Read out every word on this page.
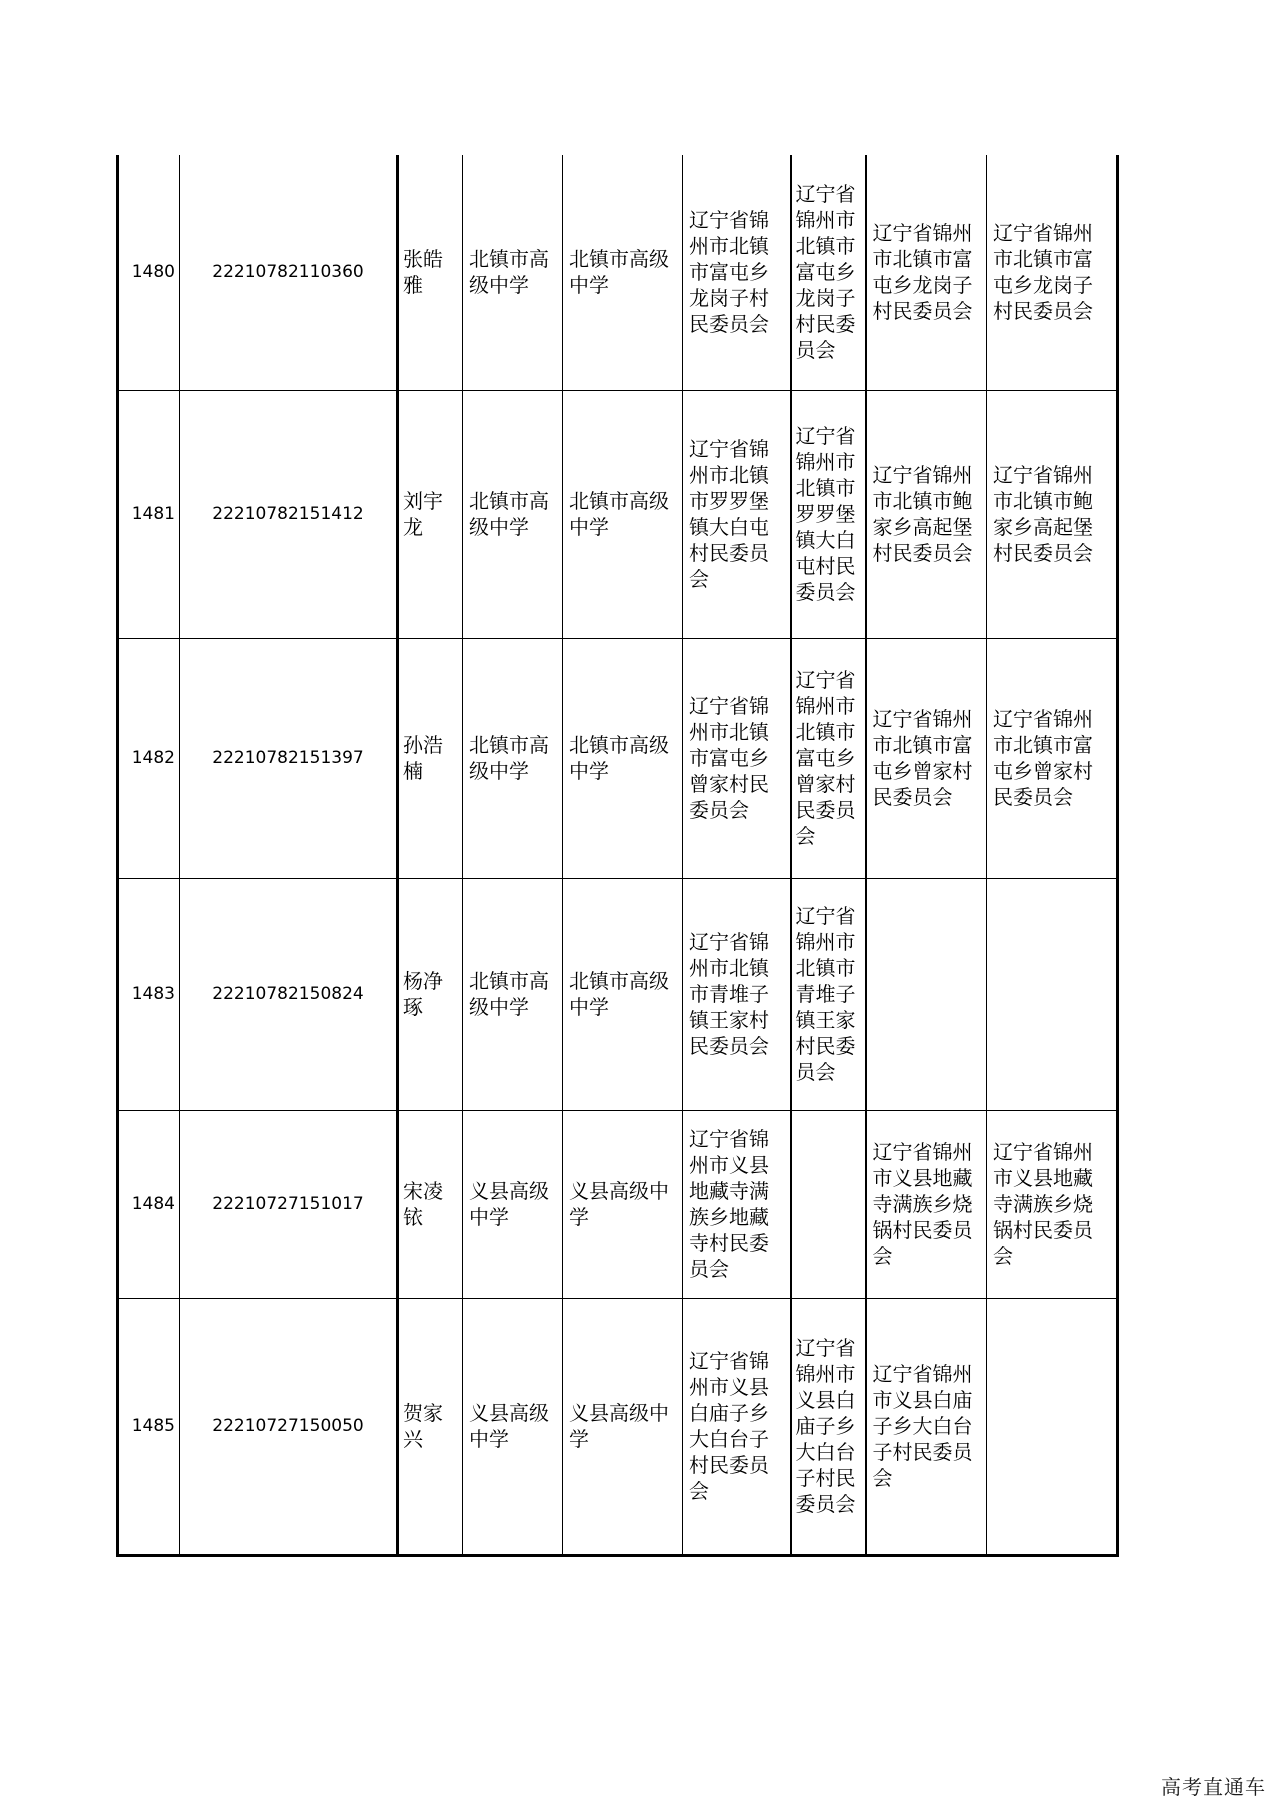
1480	22210782110360	张皓雅	北镇市高级中学	北镇市高级中学	辽宁省锦州市北镇市富屯乡龙岗子村民委员会	辽宁省锦州市北镇市富屯乡龙岗子村民委员会	辽宁省锦州市北镇市富屯乡龙岗子村民委员会	辽宁省锦州市北镇市富屯乡龙岗子村民委员会
1481	22210782151412	刘宇龙	北镇市高级中学	北镇市高级中学	辽宁省锦州市北镇市罗罗堡镇大白屯村民委员会	辽宁省锦州市北镇市罗罗堡镇大白屯村民委员会	辽宁省锦州市北镇市鲍家乡高起堡村民委员会	辽宁省锦州市北镇市鲍家乡高起堡村民委员会
1482	22210782151397	孙浩楠	北镇市高级中学	北镇市高级中学	辽宁省锦州市北镇市富屯乡曾家村民委员会	辽宁省锦州市北镇市富屯乡曾家村民委员会	辽宁省锦州市北镇市富屯乡曾家村民委员会	辽宁省锦州市北镇市富屯乡曾家村民委员会
1483	22210782150824	杨净琢	北镇市高级中学	北镇市高级中学	辽宁省锦州市北镇市青堆子镇王家村民委员会	辽宁省锦州市北镇市青堆子镇王家村民委员会		
1484	22210727151017	宋凌铱	义县高级中学	义县高级中学	辽宁省锦州市义县地藏寺满族乡地藏寺村民委员会		辽宁省锦州市义县地藏寺满族乡烧锅村民委员会	辽宁省锦州市义县地藏寺满族乡烧锅村民委员会
1485	22210727150050	贺家兴	义县高级中学	义县高级中学	辽宁省锦州市义县白庙子乡大白台子村民委员会	辽宁省锦州市义县白庙子乡大白台子村民委员会	辽宁省锦州市义县白庙子乡大白台子村民委员会	
高考直通车
